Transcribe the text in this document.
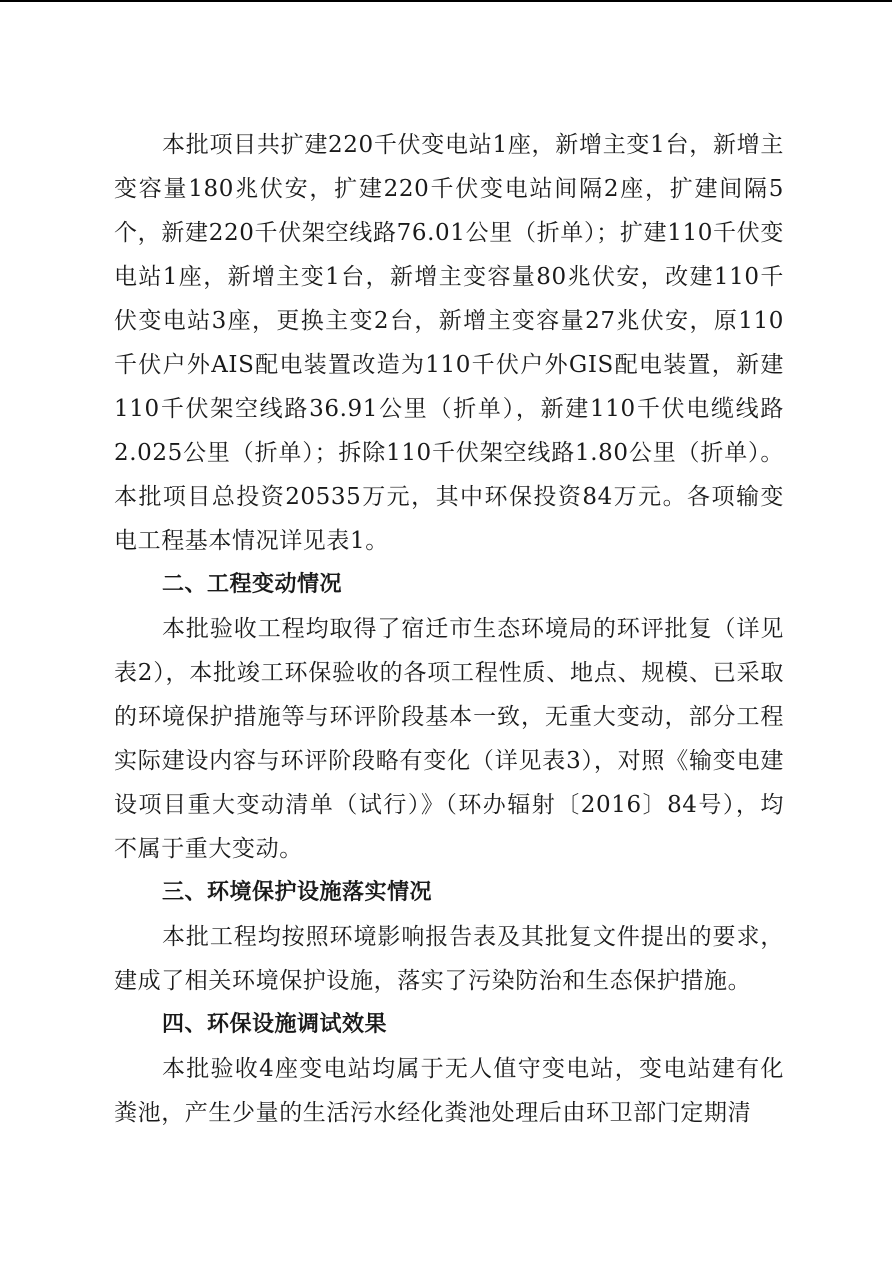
本批项目共扩建220千伏变电站1座，新增主变1台，新增主变容量180兆伏安，扩建220千伏变电站间隔2座，扩建间隔5个，新建220千伏架空线路76.01公里（折单）；扩建110千伏变电站1座，新增主变1台，新增主变容量80兆伏安，改建110千伏变电站3座，更换主变2台，新增主变容量27兆伏安，原110千伏户外AIS配电装置改造为110千伏户外GIS配电装置，新建110千伏架空线路36.91公里（折单），新建110千伏电缆线路2.025公里（折单）；拆除110千伏架空线路1.80公里（折单）。本批项目总投资20535万元，其中环保投资84万元。各项输变电工程基本情况详见表1。

二、工程变动情况

本批验收工程均取得了宿迁市生态环境局的环评批复（详见表2），本批竣工环保验收的各项工程性质、地点、规模、已采取的环境保护措施等与环评阶段基本一致，无重大变动，部分工程实际建设内容与环评阶段略有变化（详见表3），对照《输变电建设项目重大变动清单（试行）》（环办辐射〔2016〕84号），均不属于重大变动。

三、环境保护设施落实情况

本批工程均按照环境影响报告表及其批复文件提出的要求，建成了相关环境保护设施，落实了污染防治和生态保护措施。

四、环保设施调试效果

本批验收4座变电站均属于无人值守变电站，变电站建有化粪池，产生少量的生活污水经化粪池处理后由环卫部门定期清
